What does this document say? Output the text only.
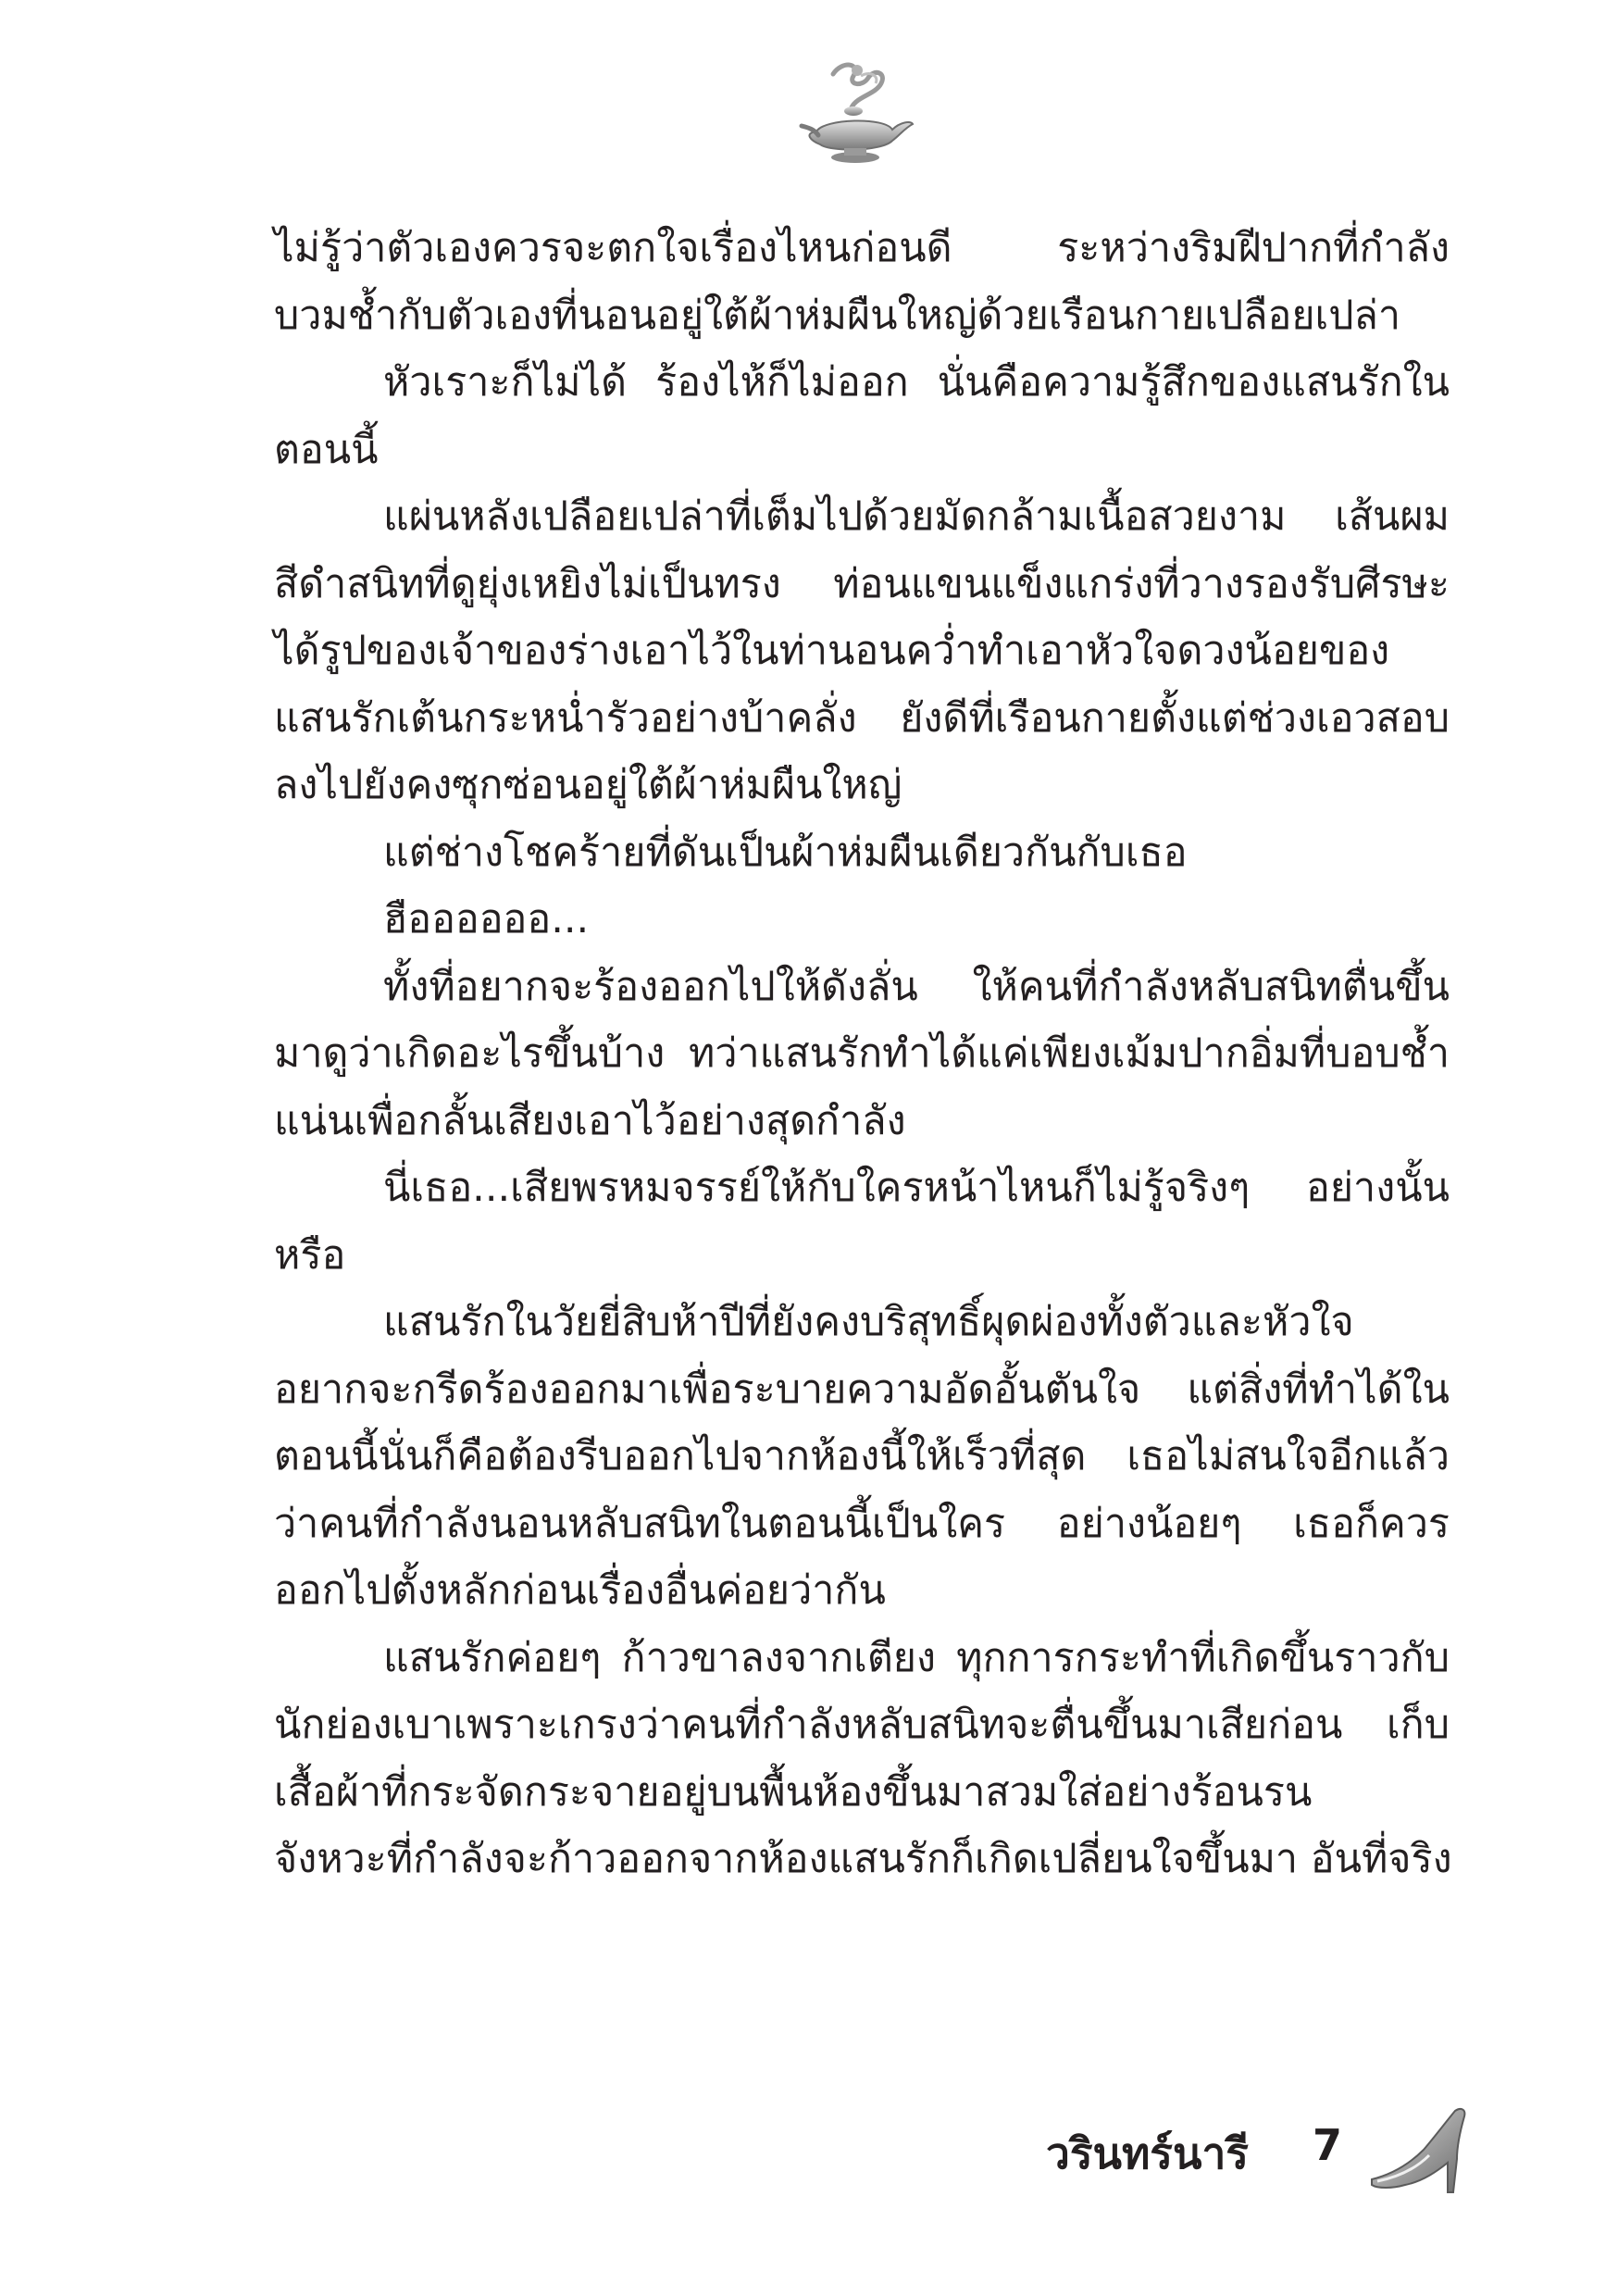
ไม่รู้ว่าตัวเองควรจะตกใจเรื่องไหนก่อนดี ระหว่างริมฝีปากที่กำลัง
บวมช้ำกับตัวเองที่นอนอยู่ใต้ผ้าห่มผืนใหญ่ด้วยเรือนกายเปลือยเปล่า
หัวเราะก็ไม่ได้ ร้องไห้ก็ไม่ออก นั่นคือความรู้สึกของแสนรักใน
ตอนนี้
แผ่นหลังเปลือยเปล่าที่เต็มไปด้วยมัดกล้ามเนื้อสวยงาม เส้นผม
สีดำสนิทที่ดูยุ่งเหยิงไม่เป็นทรง ท่อนแขนแข็งแกร่งที่วางรองรับศีรษะ
ได้รูปของเจ้าของร่างเอาไว้ในท่านอนคว่ำทำเอาหัวใจดวงน้อยของ
แสนรักเต้นกระหน่ำรัวอย่างบ้าคลั่ง ยังดีที่เรือนกายตั้งแต่ช่วงเอวสอบ
ลงไปยังคงซุกซ่อนอยู่ใต้ผ้าห่มผืนใหญ่
แต่ช่างโชคร้ายที่ดันเป็นผ้าห่มผืนเดียวกันกับเธอ
ฮืออออออ...
ทั้งที่อยากจะร้องออกไปให้ดังลั่น ให้คนที่กำลังหลับสนิทตื่นขึ้น
มาดูว่าเกิดอะไรขึ้นบ้าง ทว่าแสนรักทำได้แค่เพียงเม้มปากอิ่มที่บอบช้ำ
แน่นเพื่อกลั้นเสียงเอาไว้อย่างสุดกำลัง
นี่เธอ...เสียพรหมจรรย์ให้กับใครหน้าไหนก็ไม่รู้จริงๆ อย่างนั้น
หรือ
แสนรักในวัยยี่สิบห้าปีที่ยังคงบริสุทธิ์ผุดผ่องทั้งตัวและหัวใจ
อยากจะกรีดร้องออกมาเพื่อระบายความอัดอั้นตันใจ แต่สิ่งที่ทำได้ใน
ตอนนี้นั่นก็คือต้องรีบออกไปจากห้องนี้ให้เร็วที่สุด เธอไม่สนใจอีกแล้ว
ว่าคนที่กำลังนอนหลับสนิทในตอนนี้เป็นใคร อย่างน้อยๆ เธอก็ควร
ออกไปตั้งหลักก่อนเรื่องอื่นค่อยว่ากัน
แสนรักค่อยๆ ก้าวขาลงจากเตียง ทุกการกระทำที่เกิดขึ้นราวกับ
นักย่องเบาเพราะเกรงว่าคนที่กำลังหลับสนิทจะตื่นขึ้นมาเสียก่อน เก็บ
เสื้อผ้าที่กระจัดกระจายอยู่บนพื้นห้องขึ้นมาสวมใส่อย่างร้อนรน
จังหวะที่กำลังจะก้าวออกจากห้องแสนรักก็เกิดเปลี่ยนใจขึ้นมา อันที่จริง
วรินทร์นารี 7
